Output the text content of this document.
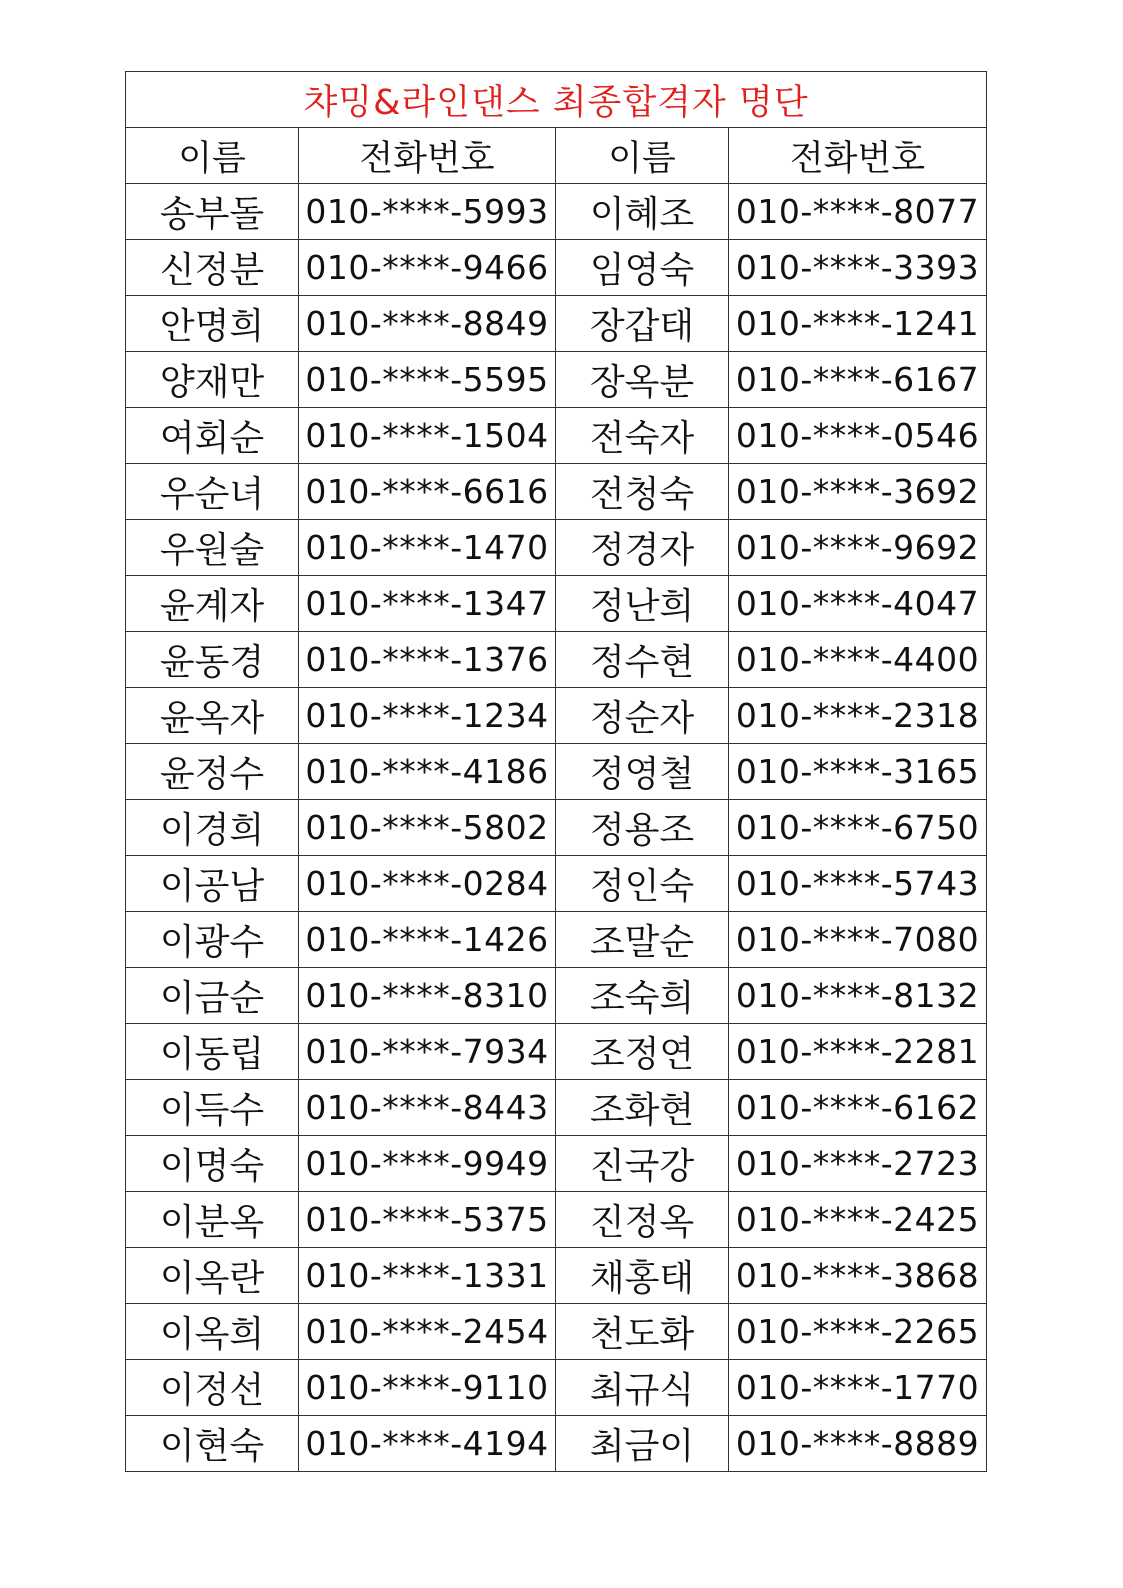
챠밍&라인댄스 최종합격자 명단			
이름	전화번호	이름	전화번호
송부돌	010-****-5993	이혜조	010-****-8077
신정분	010-****-9466	임영숙	010-****-3393
안명희	010-****-8849	장갑태	010-****-1241
양재만	010-****-5595	장옥분	010-****-6167
여회순	010-****-1504	전숙자	010-****-0546
우순녀	010-****-6616	전청숙	010-****-3692
우원술	010-****-1470	정경자	010-****-9692
윤계자	010-****-1347	정난희	010-****-4047
윤동경	010-****-1376	정수현	010-****-4400
윤옥자	010-****-1234	정순자	010-****-2318
윤정수	010-****-4186	정영철	010-****-3165
이경희	010-****-5802	정용조	010-****-6750
이공남	010-****-0284	정인숙	010-****-5743
이광수	010-****-1426	조말순	010-****-7080
이금순	010-****-8310	조숙희	010-****-8132
이동립	010-****-7934	조정연	010-****-2281
이득수	010-****-8443	조화현	010-****-6162
이명숙	010-****-9949	진국강	010-****-2723
이분옥	010-****-5375	진정옥	010-****-2425
이옥란	010-****-1331	채홍태	010-****-3868
이옥희	010-****-2454	천도화	010-****-2265
이정선	010-****-9110	최규식	010-****-1770
이현숙	010-****-4194	최금이	010-****-8889
